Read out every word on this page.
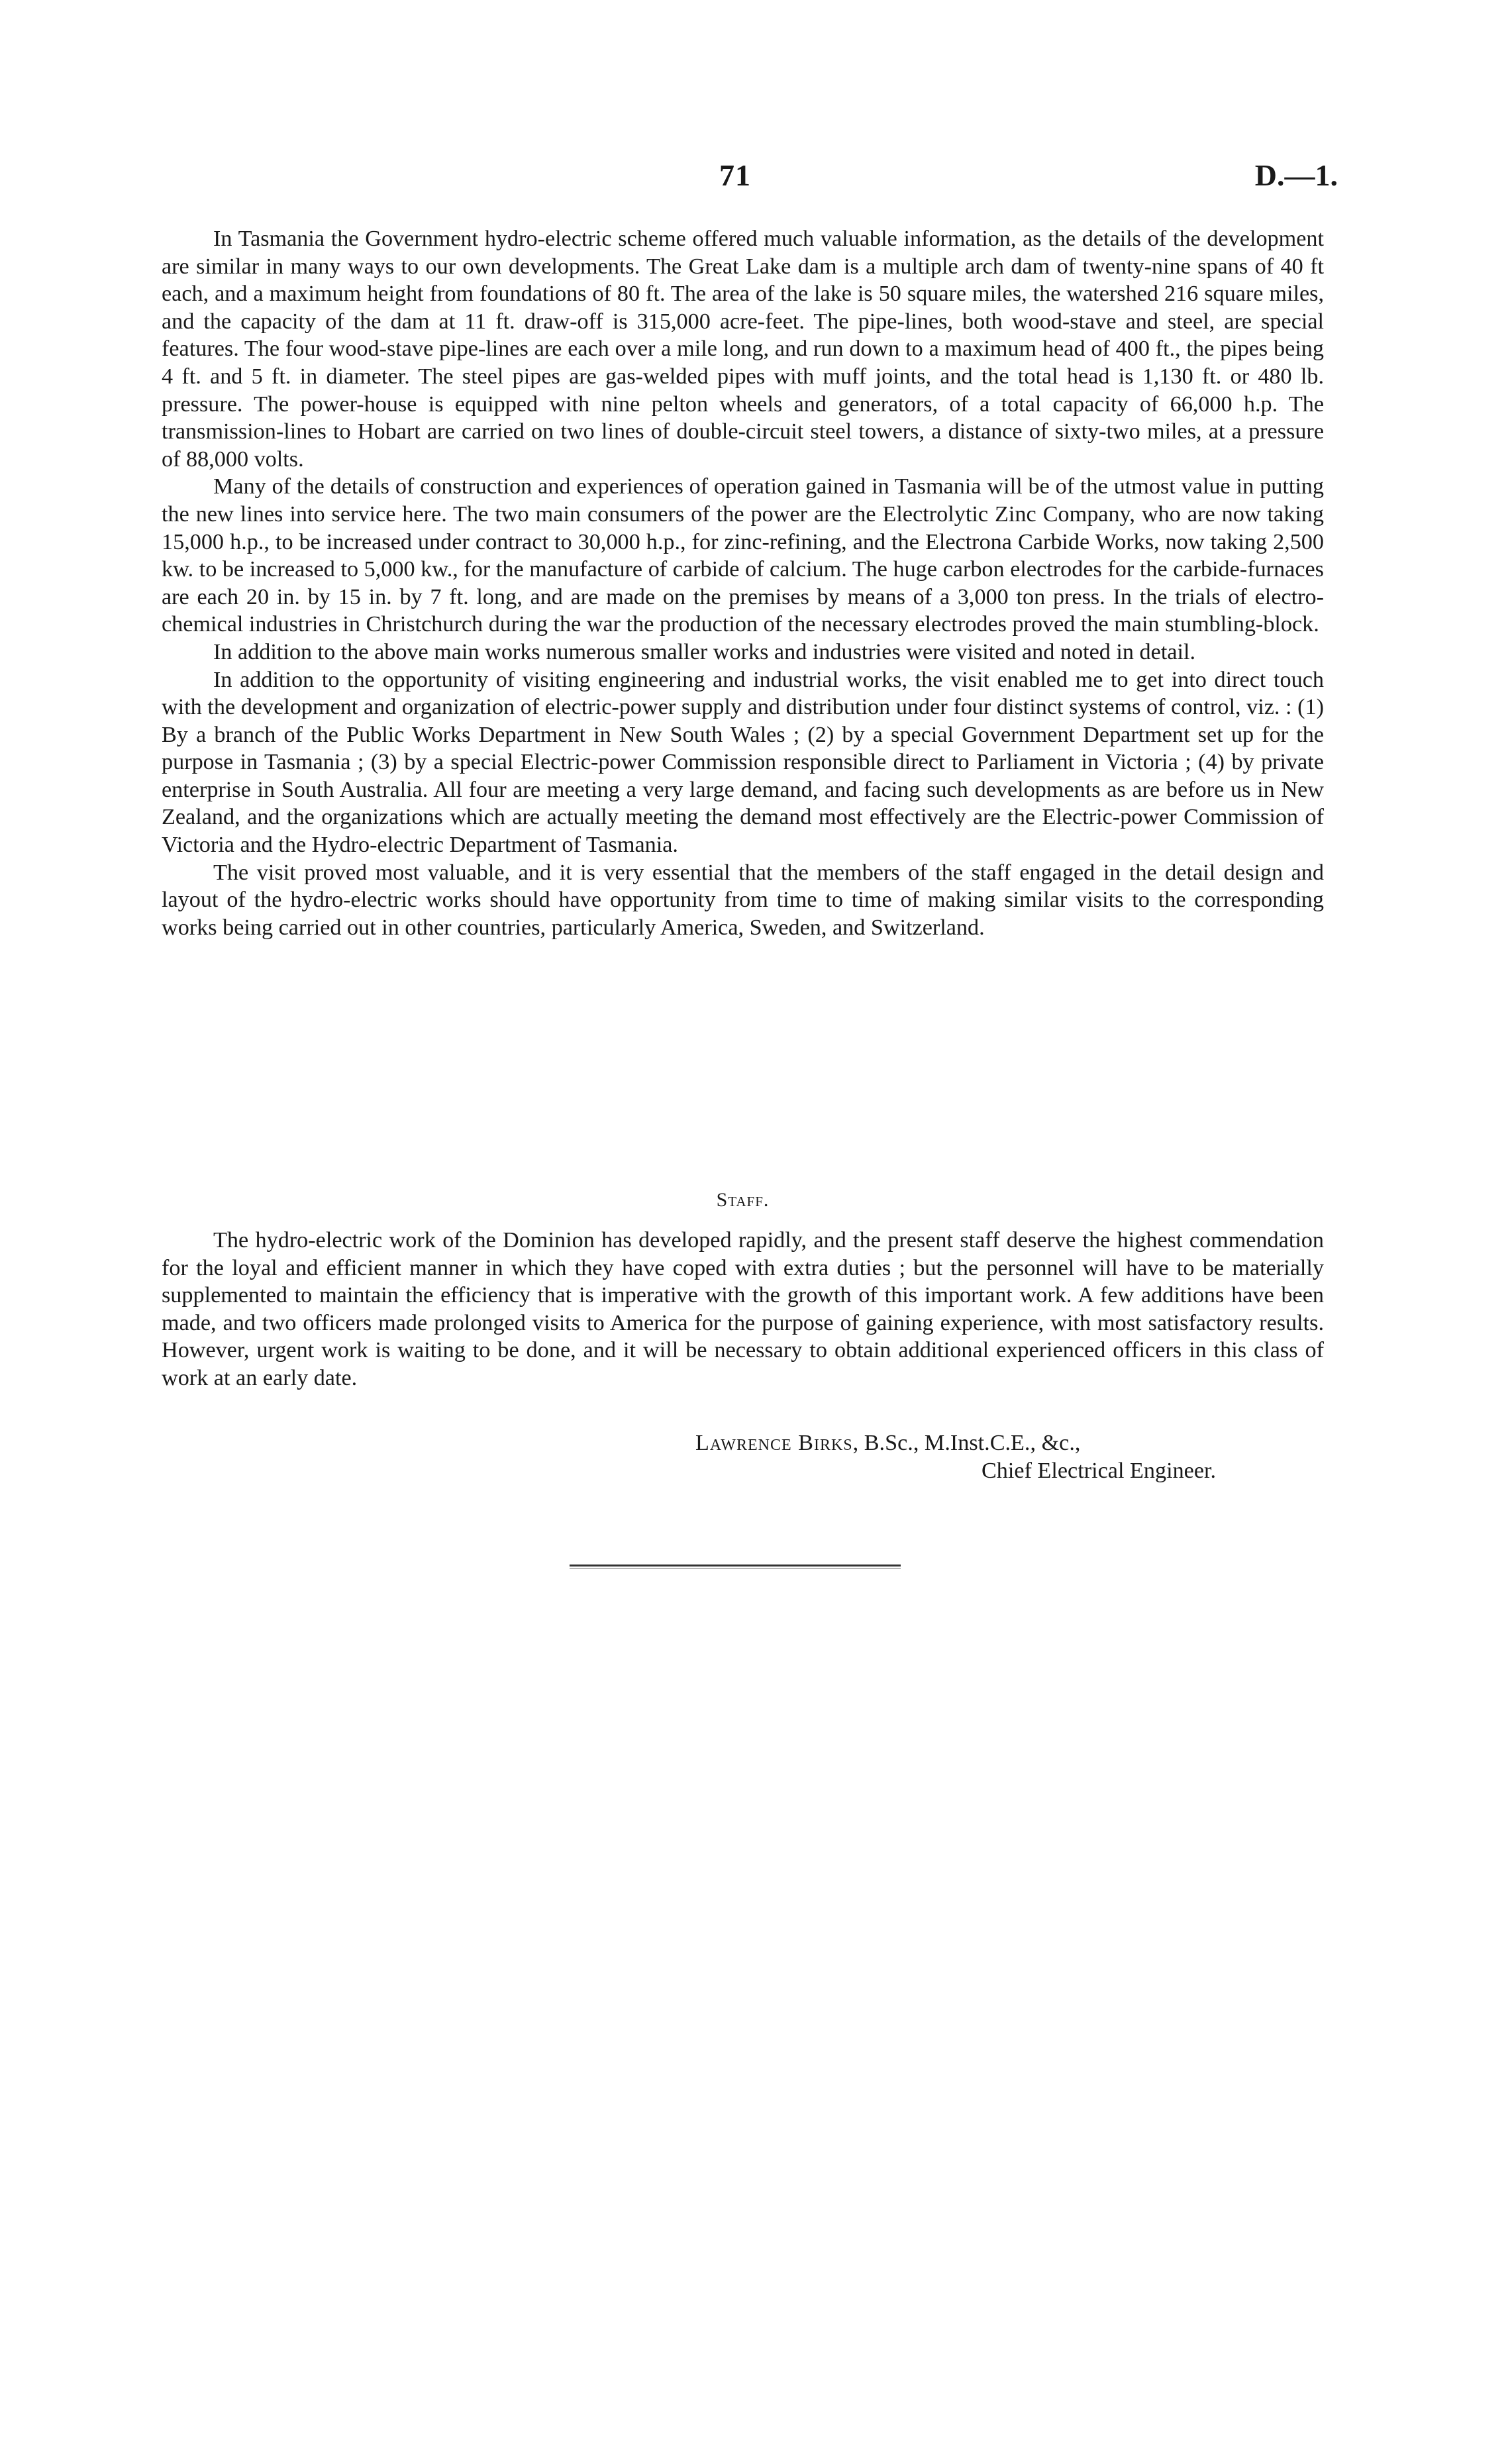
71	D.—1.

In Tasmania the Government hydro-electric scheme offered much valuable information, as the details of the development are similar in many ways to our own developments. The Great Lake dam is a multiple arch dam of twenty-nine spans of 40 ft each, and a maximum height from foundations of 80 ft. The area of the lake is 50 square miles, the watershed 216 square miles, and the capacity of the dam at 11 ft. draw-off is 315,000 acre-feet. The pipe-lines, both wood-stave and steel, are special features. The four wood-stave pipe-lines are each over a mile long, and run down to a maximum head of 400 ft., the pipes being 4 ft. and 5 ft. in diameter. The steel pipes are gas-welded pipes with muff joints, and the total head is 1,130 ft. or 480 lb. pressure. The power-house is equipped with nine pelton wheels and generators, of a total capacity of 66,000 h.p. The transmission-lines to Hobart are carried on two lines of double-circuit steel towers, a distance of sixty-two miles, at a pressure of 88,000 volts.

Many of the details of construction and experiences of operation gained in Tasmania will be of the utmost value in putting the new lines into service here. The two main consumers of the power are the Electrolytic Zinc Company, who are now taking 15,000 h.p., to be increased under contract to 30,000 h.p., for zinc-refining, and the Electrona Carbide Works, now taking 2,500 kw. to be increased to 5,000 kw., for the manufacture of carbide of calcium. The huge carbon electrodes for the carbide-furnaces are each 20 in. by 15 in. by 7 ft. long, and are made on the premises by means of a 3,000 ton press. In the trials of electro-chemical industries in Christchurch during the war the production of the necessary electrodes proved the main stumbling-block.

In addition to the above main works numerous smaller works and industries were visited and noted in detail.

In addition to the opportunity of visiting engineering and industrial works, the visit enabled me to get into direct touch with the development and organization of electric-power supply and distribution under four distinct systems of control, viz. : (1) By a branch of the Public Works Department in New South Wales ; (2) by a special Government Department set up for the purpose in Tasmania ; (3) by a special Electric-power Commission responsible direct to Parliament in Victoria ; (4) by private enterprise in South Australia. All four are meeting a very large demand, and facing such developments as are before us in New Zealand, and the organizations which are actually meeting the demand most effectively are the Electric-power Commission of Victoria and the Hydro-electric Department of Tasmania.

The visit proved most valuable, and it is very essential that the members of the staff engaged in the detail design and layout of the hydro-electric works should have opportunity from time to time of making similar visits to the corresponding works being carried out in other countries, particularly America, Sweden, and Switzerland.

Staff.

The hydro-electric work of the Dominion has developed rapidly, and the present staff deserve the highest commendation for the loyal and efficient manner in which they have coped with extra duties ; but the personnel will have to be materially supplemented to maintain the efficiency that is imperative with the growth of this important work. A few additions have been made, and two officers made prolonged visits to America for the purpose of gaining experience, with most satisfactory results. However, urgent work is waiting to be done, and it will be necessary to obtain additional experienced officers in this class of work at an early date.

Lawrence Birks, B.Sc., M.Inst.C.E., &c.,
Chief Electrical Engineer.
